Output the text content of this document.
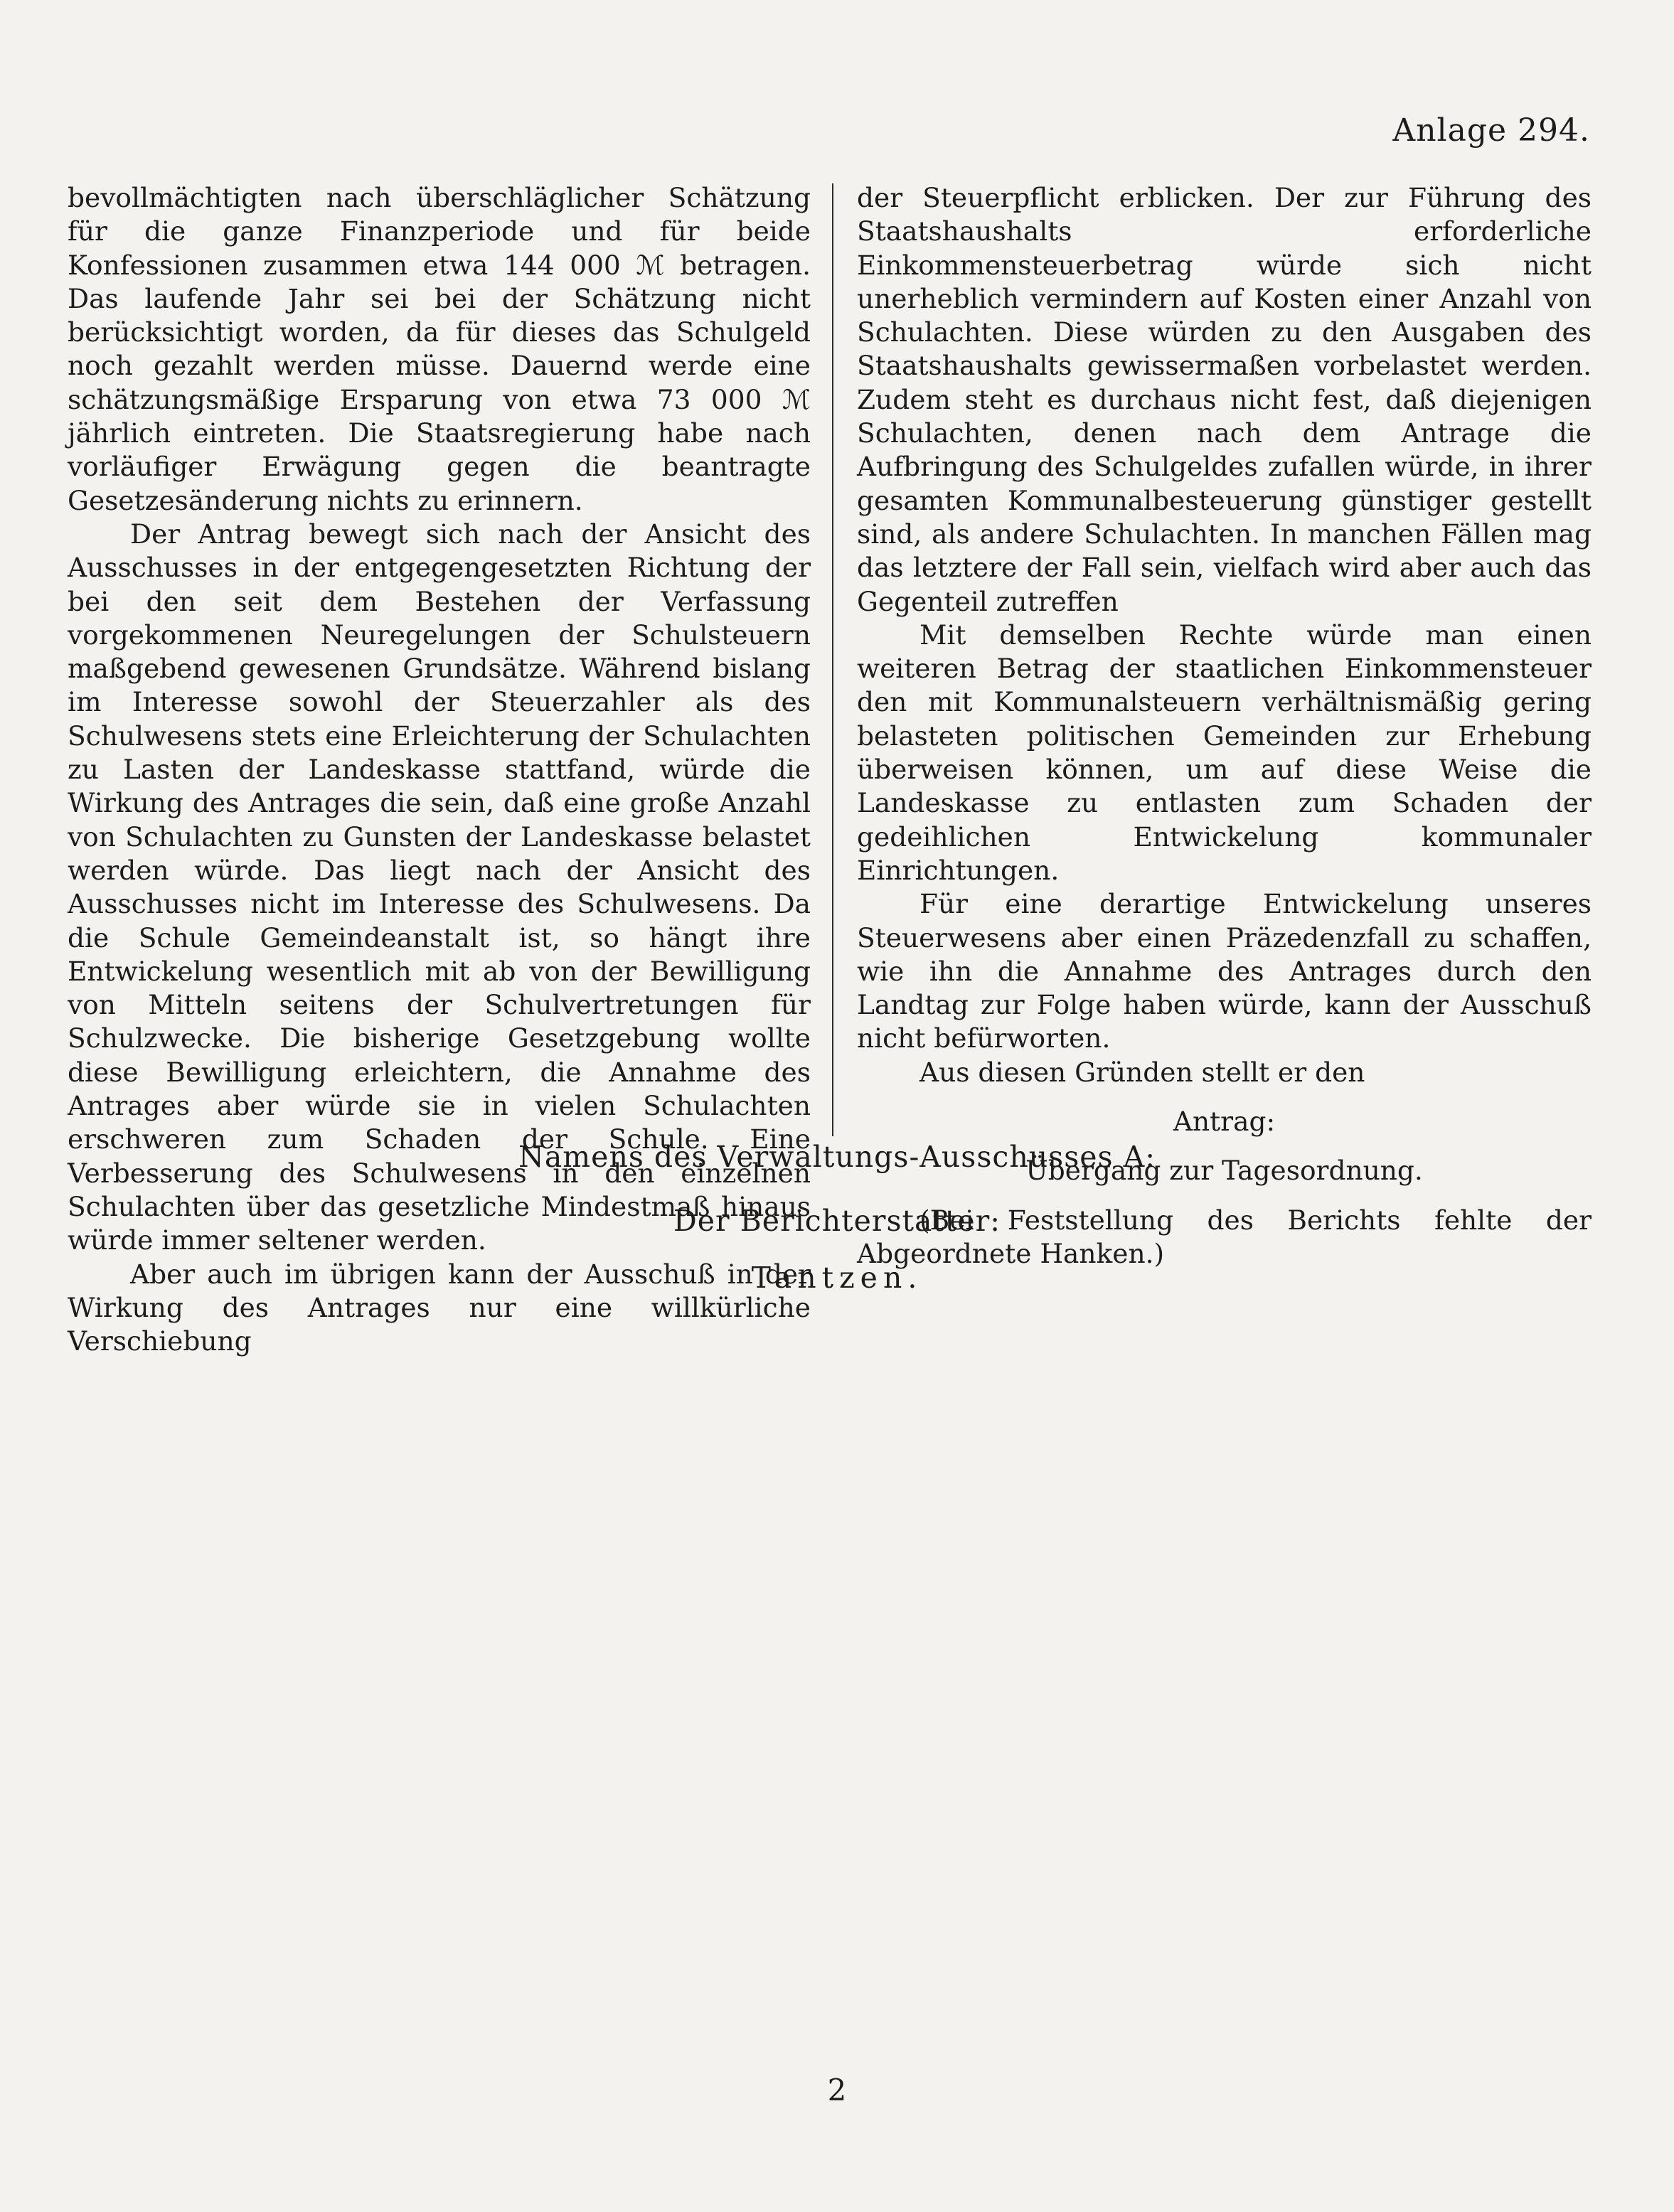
Anlage 294.

bevollmächtigten nach überschläglicher Schätzung für die ganze Finanzperiode und für beide Konfessionen zusammen etwa 144 000 ℳ betragen. Das laufende Jahr sei bei der Schätzung nicht berücksichtigt worden, da für dieses das Schulgeld noch gezahlt werden müsse. Dauernd werde eine schätzungsmäßige Ersparung von etwa 73 000 ℳ jährlich eintreten. Die Staatsregierung habe nach vorläufiger Erwägung gegen die beantragte Gesetzesänderung nichts zu erinnern.

Der Antrag bewegt sich nach der Ansicht des Ausschusses in der entgegengesetzten Richtung der bei den seit dem Bestehen der Verfassung vorgekommenen Neuregelungen der Schulsteuern maßgebend gewesenen Grundsätze. Während bislang im Interesse sowohl der Steuerzahler als des Schulwesens stets eine Erleichterung der Schulachten zu Lasten der Landeskasse stattfand, würde die Wirkung des Antrages die sein, daß eine große Anzahl von Schulachten zu Gunsten der Landeskasse belastet werden würde. Das liegt nach der Ansicht des Ausschusses nicht im Interesse des Schulwesens. Da die Schule Gemeindeanstalt ist, so hängt ihre Entwickelung wesentlich mit ab von der Bewilligung von Mitteln seitens der Schulvertretungen für Schulzwecke. Die bisherige Gesetzgebung wollte diese Bewilligung erleichtern, die Annahme des Antrages aber würde sie in vielen Schulachten erschweren zum Schaden der Schule. Eine Verbesserung des Schulwesens in den einzelnen Schulachten über das gesetzliche Mindestmaß hinaus würde immer seltener werden.

Aber auch im übrigen kann der Ausschuß in der Wirkung des Antrages nur eine willkürliche Verschiebung

der Steuerpflicht erblicken. Der zur Führung des Staatshaushalts erforderliche Einkommensteuerbetrag würde sich nicht unerheblich vermindern auf Kosten einer Anzahl von Schulachten. Diese würden zu den Ausgaben des Staatshaushalts gewissermaßen vorbelastet werden. Zudem steht es durchaus nicht fest, daß diejenigen Schulachten, denen nach dem Antrage die Aufbringung des Schulgeldes zufallen würde, in ihrer gesamten Kommunalbesteuerung günstiger gestellt sind, als andere Schulachten. In manchen Fällen mag das letztere der Fall sein, vielfach wird aber auch das Gegenteil zutreffen

Mit demselben Rechte würde man einen weiteren Betrag der staatlichen Einkommensteuer den mit Kommunalsteuern verhältnismäßig gering belasteten politischen Gemeinden zur Erhebung überweisen können, um auf diese Weise die Landeskasse zu entlasten zum Schaden der gedeihlichen Entwickelung kommunaler Einrichtungen.

Für eine derartige Entwickelung unseres Steuerwesens aber einen Präzedenzfall zu schaffen, wie ihn die Annahme des Antrages durch den Landtag zur Folge haben würde, kann der Ausschuß nicht befürworten.

Aus diesen Gründen stellt er den

Antrag:

Übergang zur Tagesordnung.

(Bei Feststellung des Berichts fehlte der Abgeordnete Hanken.)

Namens des Verwaltungs-Ausschusses A:
Der Berichterstatter:
Tantzen.
2
